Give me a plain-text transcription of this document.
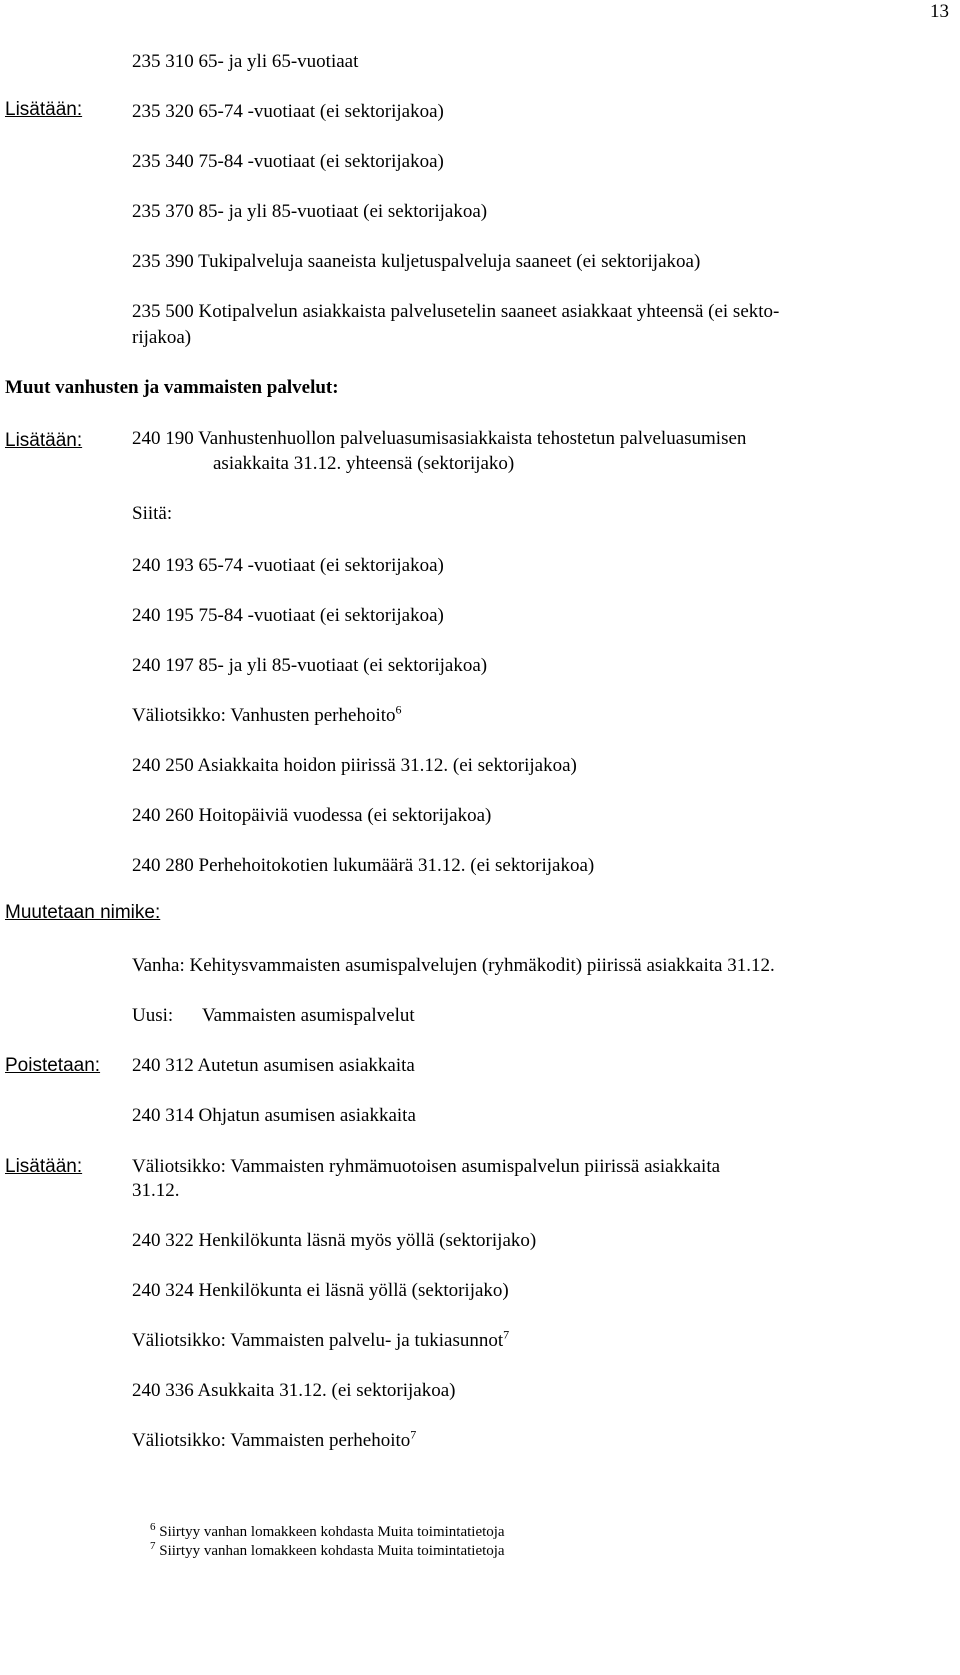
13
Lisätään:
Lisätään:
Muutetaan nimike:
Poistetaan:
Lisätään:
235 310 65- ja yli 65-vuotiaat
235 320 65-74 -vuotiaat (ei sektorijakoa)
235 340 75-84 -vuotiaat (ei sektorijakoa)
235 370 85- ja yli 85-vuotiaat (ei sektorijakoa)
235 390 Tukipalveluja saaneista kuljetuspalveluja saaneet (ei sektorijakoa)
235 500 Kotipalvelun asiakkaista palvelusetelin saaneet asiakkaat yhteensä (ei sekto-
rijakoa)
Muut vanhusten ja vammaisten palvelut:
240 190 Vanhustenhuollon palveluasumisasiakkaista tehostetun palveluasumisen
asiakkaita 31.12. yhteensä (sektorijako)
Siitä:
240 193 65-74 -vuotiaat (ei sektorijakoa)
240 195 75-84 -vuotiaat (ei sektorijakoa)
240 197 85- ja yli 85-vuotiaat (ei sektorijakoa)
Väliotsikko: Vanhusten perhehoito$^6$
240 250 Asiakkaita hoidon piirissä 31.12. (ei sektorijakoa)
240 260 Hoitopäiviä vuodessa (ei sektorijakoa)
240 280 Perhehoitokotien lukumäärä 31.12. (ei sektorijakoa)
Vanha: Kehitysvammaisten asumispalvelujen (ryhmäkodit) piirissä asiakkaita 31.12.
Uusi: Vammaisten asumispalvelut
240 312 Autetun asumisen asiakkaita
240 314 Ohjatun asumisen asiakkaita
Väliotsikko: Vammaisten ryhmämuotoisen asumispalvelun piirissä asiakkaita
31.12.
240 322 Henkilökunta läsnä myös yöllä (sektorijako)
240 324 Henkilökunta ei läsnä yöllä (sektorijako)
Väliotsikko: Vammaisten palvelu- ja tukiasunnot$^7$
240 336 Asukkaita 31.12. (ei sektorijakoa)
Väliotsikko: Vammaisten perhehoito$^7$
$^6$ Siirtyy vanhan lomakkeen kohdasta Muita toimintatietoja
$^7$ Siirtyy vanhan lomakkeen kohdasta Muita toimintatietoja
